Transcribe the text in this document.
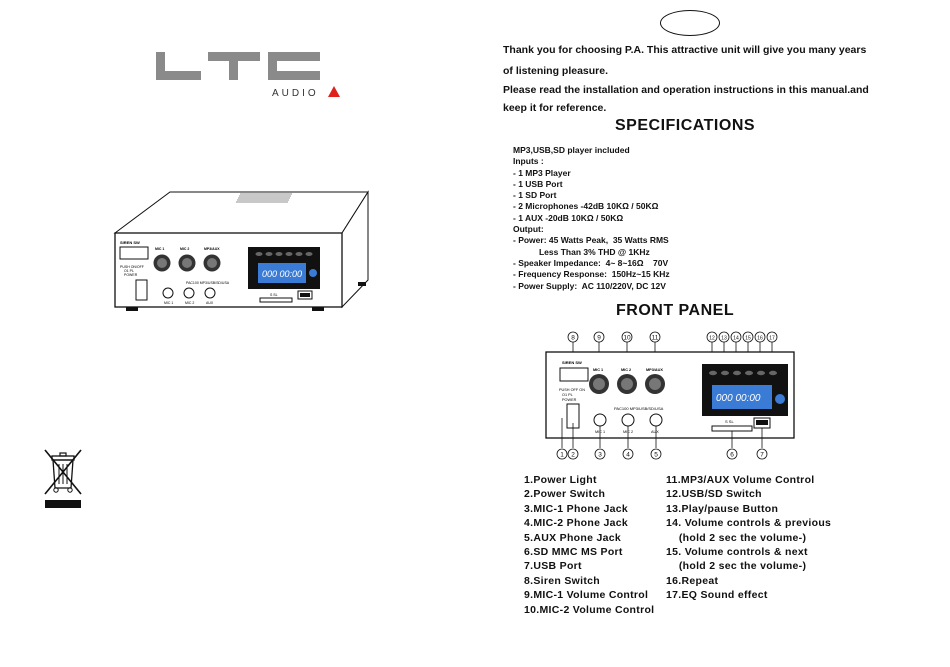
AUDIO
SIREN SW
PUSH ON/OFF
O1 PL
POWER
MIC 1	MIC 2	MP3/AUX
PAC100 MP3/USB/SD/USA
000 00:00
MIC 1	MIC 2	AUX
S SL
Thank you for choosing P.A. This attractive unit will give you many years
of listening pleasure.
Please read the installation and operation instructions in this manual.and
keep it for reference.
SPECIFICATIONS
MP3,USB,SD player included
Inputs :
- 1 MP3 Player
- 1 USB Port
- 1 SD Port
- 2 Microphones -42dB 10KΩ / 50KΩ
- 1 AUX -20dB 10KΩ / 50KΩ
Output:
- Power: 45 Watts Peak,  35 Watts RMS
Less Than 3% THD @ 1KHz
- Speaker Impedance:  4~ 8~16Ω    70V
- Frequency Response:  150Hz~15 KHz
- Power Supply:  AC 110/220V, DC 12V
FRONT PANEL
8	9	10	11	12 13 14 15 16 17
SIREN SW
PUSH OFF ON
O1 PL
POWER
MIC 1	MIC 2	MP3/AUX
PAC100 MP3/USB/SD/USA
000 00:00
MIC 1	MIC 2	AUX
S SL
1 2	3	4	5	6	7
1.Power Light
2.Power Switch
3.MIC-1 Phone Jack
4.MIC-2 Phone Jack
5.AUX Phone Jack
6.SD MMC MS Port
7.USB Port
8.Siren Switch
9.MIC-1 Volume Control
10.MIC-2 Volume Control
11.MP3/AUX Volume Control
12.USB/SD Switch
13.Play/pause Button
14. Volume controls & previous
(hold 2 sec the volume-)
15. Volume controls & next
(hold 2 sec the volume-)
16.Repeat
17.EQ Sound effect
